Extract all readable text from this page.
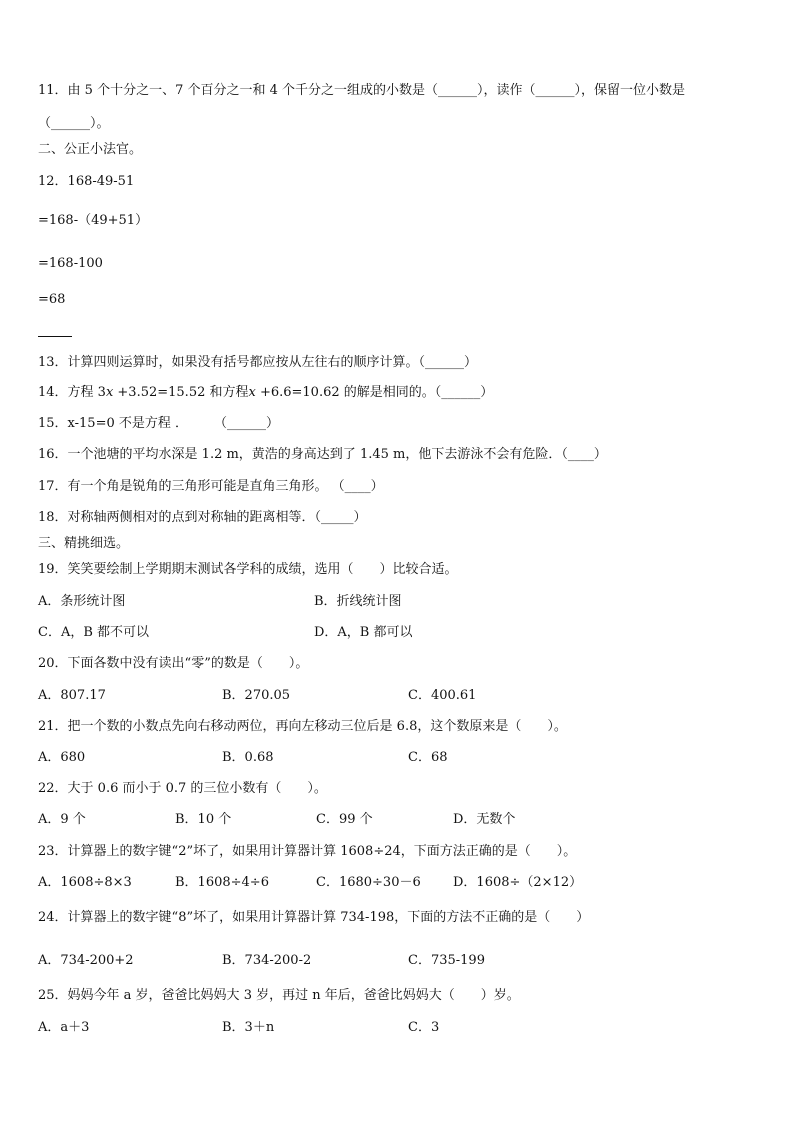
11．由 5 个十分之一、7 个百分之一和 4 个千分之一组成的小数是（______），读作（______），保留一位小数是
（______）。
二、公正小法官。
12．168-49-51
=168-（49+51）
=168-100
=68
13．计算四则运算时，如果没有括号都应按从左往右的顺序计算。（______）
14．方程 3𝑥 +3.52=15.52 和方程𝑥 +6.6=10.62 的解是相同的。（______）
15．x-15=0 不是方程 ．　　　（______）
16．一个池塘的平均水深是 1.2 m，黄浩的身高达到了 1.45 m，他下去游泳不会有危险．（____）
17．有一个角是锐角的三角形可能是直角三角形。 （____）
18．对称轴两侧相对的点到对称轴的距离相等．（_____）
三、精挑细选。
19．笑笑要绘制上学期期末测试各学科的成绩，选用（　　）比较合适。
A．条形统计图	B．折线统计图
C．A，B 都不可以	D．A，B 都可以
20．下面各数中没有读出“零”的数是（　　）。
A．807.17	B．270.05	C．400.61
21．把一个数的小数点先向右移动两位，再向左移动三位后是 6.8，这个数原来是（　　）。
A．680	B．0.68	C．68
22．大于 0.6 而小于 0.7 的三位小数有（　　）。
A．9 个	B．10 个	C．99 个	D．无数个
23．计算器上的数字键“2”坏了，如果用计算器计算 1608÷24，下面方法正确的是（　　）。
A．1608÷8×3	B．1608÷4÷6	C．1680÷30－6 D．1608÷（2×12）
24．计算器上的数字键“8”坏了，如果用计算器计算 734-198，下面的方法不正确的是（　　）
A．734-200+2	B．734-200-2	C．735-199
25．妈妈今年 a 岁，爸爸比妈妈大 3 岁，再过 n 年后，爸爸比妈妈大（　　）岁。
A．a＋3	B．3＋n	C．3
